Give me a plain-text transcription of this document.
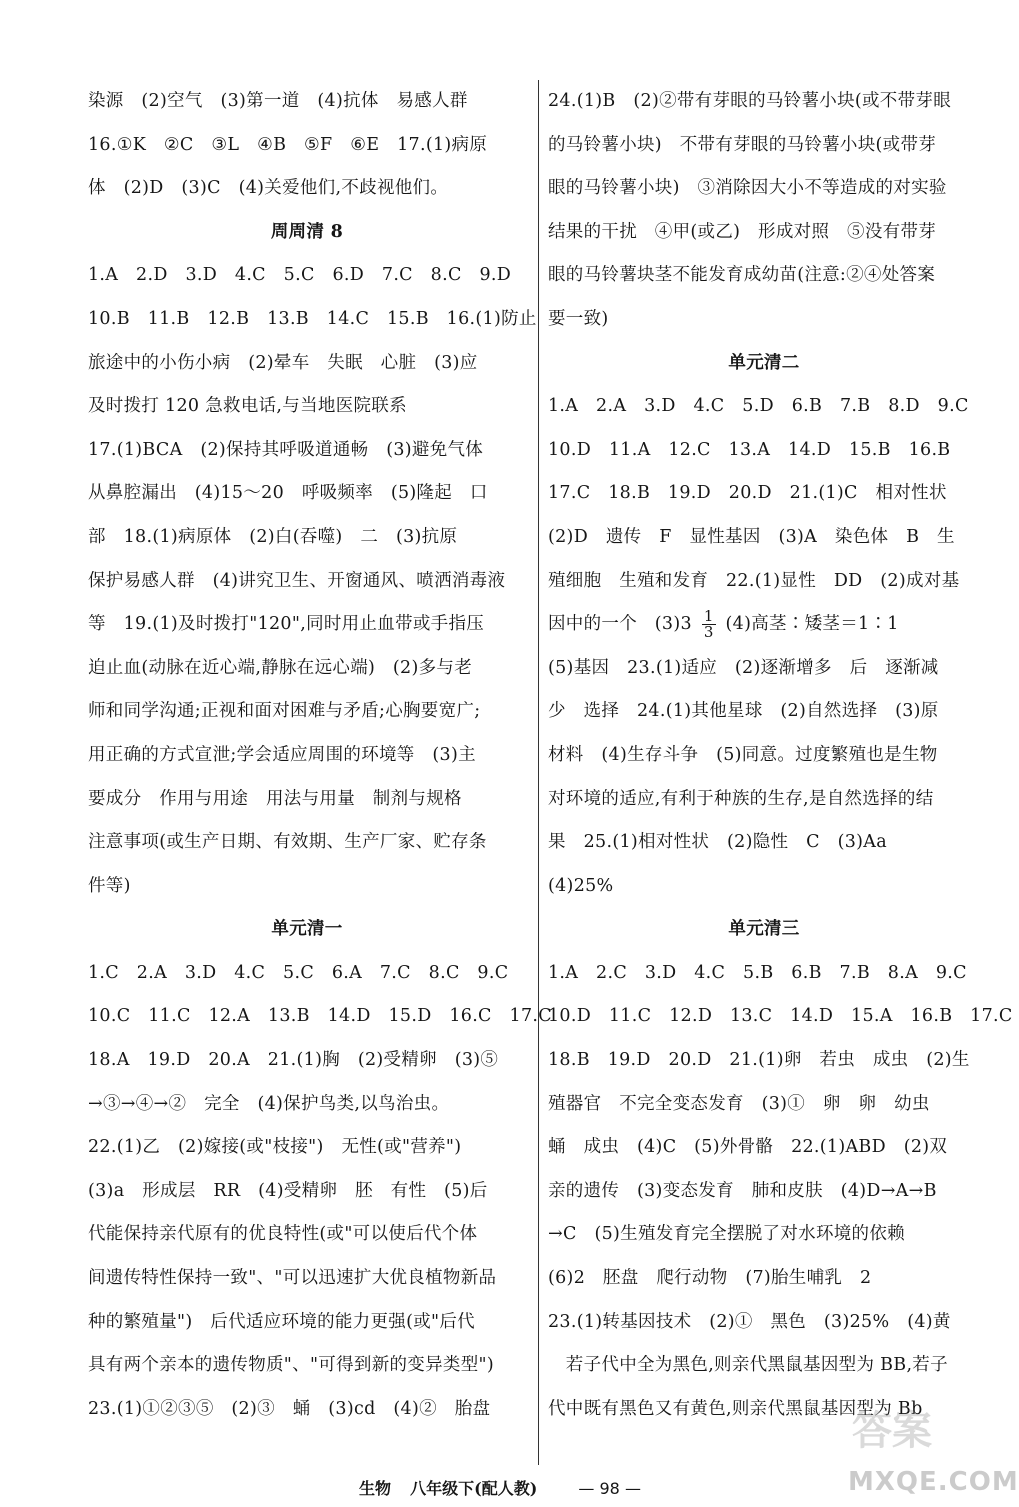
染源　(2)空气　(3)第一道　(4)抗体　易感人群
16.①K　②C　③L　④B　⑤F　⑥E　17.(1)病原
体　(2)D　(3)C　(4)关爱他们,不歧视他们。
周周清 8
1.A　2.D　3.D　4.C　5.C　6.D　7.C　8.C　9.D
10.B　11.B　12.B　13.B　14.C　15.B　16.(1)防止
旅途中的小伤小病　(2)晕车　失眠　心脏　(3)应
及时拨打 120 急救电话,与当地医院联系
17.(1)BCA　(2)保持其呼吸道通畅　(3)避免气体
从鼻腔漏出　(4)15～20　呼吸频率　(5)隆起　口
部　18.(1)病原体　(2)白(吞噬)　二　(3)抗原
保护易感人群　(4)讲究卫生、开窗通风、喷洒消毒液
等　19.(1)及时拨打"120",同时用止血带或手指压
迫止血(动脉在近心端,静脉在远心端)　(2)多与老
师和同学沟通;正视和面对困难与矛盾;心胸要宽广;
用正确的方式宣泄;学会适应周围的环境等　(3)主
要成分　作用与用途　用法与用量　制剂与规格
注意事项(或生产日期、有效期、生产厂家、贮存条
件等)
单元清一
1.C　2.A　3.D　4.C　5.C　6.A　7.C　8.C　9.C
10.C　11.C　12.A　13.B　14.D　15.D　16.C　17.C
18.A　19.D　20.A　21.(1)胸　(2)受精卵　(3)⑤
→③→④→②　完全　(4)保护鸟类,以鸟治虫。
22.(1)乙　(2)嫁接(或"枝接")　无性(或"营养")
(3)a　形成层　RR　(4)受精卵　胚　有性　(5)后
代能保持亲代原有的优良特性(或"可以使后代个体
间遗传特性保持一致"、"可以迅速扩大优良植物新品
种的繁殖量")　后代适应环境的能力更强(或"后代
具有两个亲本的遗传物质"、"可得到新的变异类型")
23.(1)①②③⑤　(2)③　蛹　(3)cd　(4)②　胎盘
24.(1)B　(2)②带有芽眼的马铃薯小块(或不带芽眼
的马铃薯小块)　不带有芽眼的马铃薯小块(或带芽
眼的马铃薯小块)　③消除因大小不等造成的对实验
结果的干扰　④甲(或乙)　形成对照　⑤没有带芽
眼的马铃薯块茎不能发育成幼苗(注意:②④处答案
要一致)
单元清二
1.A　2.A　3.D　4.C　5.D　6.B　7.B　8.D　9.C
10.D　11.A　12.C　13.A　14.D　15.B　16.B
17.C　18.B　19.D　20.D　21.(1)C　相对性状
(2)D　遗传　F　显性基因　(3)A　染色体　B　生
殖细胞　生殖和发育　22.(1)显性　DD　(2)成对基
因中的一个　$(3)3 \frac{1}{3} (4)$高茎∶矮茎＝1∶1
(5)基因　23.(1)适应　(2)逐渐增多　后　逐渐减
少　选择　24.(1)其他星球　(2)自然选择　(3)原
材料　(4)生存斗争　(5)同意。过度繁殖也是生物
对环境的适应,有利于种族的生存,是自然选择的结
果　25.(1)相对性状　(2)隐性　C　(3)Aa
(4)25%
单元清三
1.A　2.C　3.D　4.C　5.B　6.B　7.B　8.A　9.C
10.D　11.C　12.D　13.C　14.D　15.A　16.B　17.C
18.B　19.D　20.D　21.(1)卵　若虫　成虫　(2)生
殖器官　不完全变态发育　(3)①　卵　卵　幼虫
蛹　成虫　(4)C　(5)外骨骼　22.(1)ABD　(2)双
亲的遗传　(3)变态发育　肺和皮肤　(4)D→A→B
→C　(5)生殖发育完全摆脱了对水环境的依赖
(6)2　胚盘　爬行动物　(7)胎生哺乳　2
23.(1)转基因技术　(2)①　黑色　(3)25%　(4)黄
　若子代中全为黑色,则亲代黑鼠基因型为 BB,若子
代中既有黑色又有黄色,则亲代黑鼠基因型为 Bb
生物 八年级下(配人教)	— 98 —
答案
MXQE.COM
